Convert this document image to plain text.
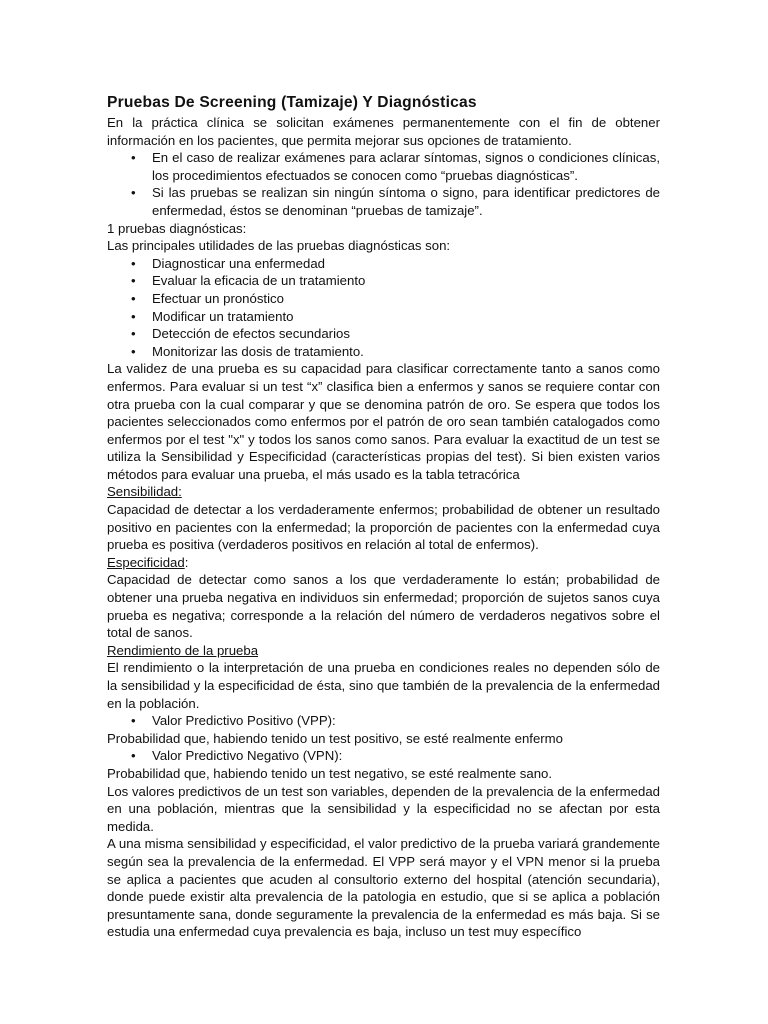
Pruebas De Screening (Tamizaje) Y Diagnósticas

En la práctica clínica se solicitan exámenes permanentemente con el fin de obtener información en los pacientes, que permita mejorar sus opciones de tratamiento.

• En el caso de realizar exámenes para aclarar síntomas, signos o condiciones clínicas, los procedimientos efectuados se conocen como “pruebas diagnósticas”.
• Si las pruebas se realizan sin ningún síntoma o signo, para identificar predictores de enfermedad, éstos se denominan “pruebas de tamizaje”.
1 pruebas diagnósticas:

Las principales utilidades de las pruebas diagnósticas son:

• Diagnosticar una enfermedad
• Evaluar la eficacia de un tratamiento
• Efectuar un pronóstico
• Modificar un tratamiento
• Detección de efectos secundarios
• Monitorizar las dosis de tratamiento.

La validez de una prueba es su capacidad para clasificar correctamente tanto a sanos como enfermos. Para evaluar si un test “x” clasifica bien a enfermos y sanos se requiere contar con otra prueba con la cual comparar y que se denomina patrón de oro. Se espera que todos los pacientes seleccionados como enfermos por el patrón de oro sean también catalogados como enfermos por el test "x" y todos los sanos como sanos. Para evaluar la exactitud de un test se utiliza la Sensibilidad y Especificidad (características propias del test). Si bien existen varios métodos para evaluar una prueba, el más usado es la tabla tetracórica

Sensibilidad:

Capacidad de detectar a los verdaderamente enfermos; probabilidad de obtener un resultado positivo en pacientes con la enfermedad; la proporción de pacientes con la enfermedad cuya prueba es positiva (verdaderos positivos en relación al total de enfermos).

Especificidad:

Capacidad de detectar como sanos a los que verdaderamente lo están; probabilidad de obtener una prueba negativa en individuos sin enfermedad; proporción de sujetos sanos cuya prueba es negativa; corresponde a la relación del número de verdaderos negativos sobre el total de sanos.

Rendimiento de la prueba

El rendimiento o la interpretación de una prueba en condiciones reales no dependen sólo de la sensibilidad y la especificidad de ésta, sino que también de la prevalencia de la enfermedad en la población.

• Valor Predictivo Positivo (VPP):

Probabilidad que, habiendo tenido un test positivo, se esté realmente enfermo

• Valor Predictivo Negativo (VPN):

Probabilidad que, habiendo tenido un test negativo, se esté realmente sano.

Los valores predictivos de un test son variables, dependen de la prevalencia de la enfermedad en una población, mientras que la sensibilidad y la especificidad no se afectan por esta medida.

A una misma sensibilidad y especificidad, el valor predictivo de la prueba variará grandemente según sea la prevalencia de la enfermedad. El VPP será mayor y el VPN menor si la prueba se aplica a pacientes que acuden al consultorio externo del hospital (atención secundaria), donde puede existir alta prevalencia de la patologia en estudio, que si se aplica a población presuntamente sana, donde seguramente la prevalencia de la enfermedad es más baja. Si se estudia una enfermedad cuya prevalencia es baja, incluso un test muy específico
